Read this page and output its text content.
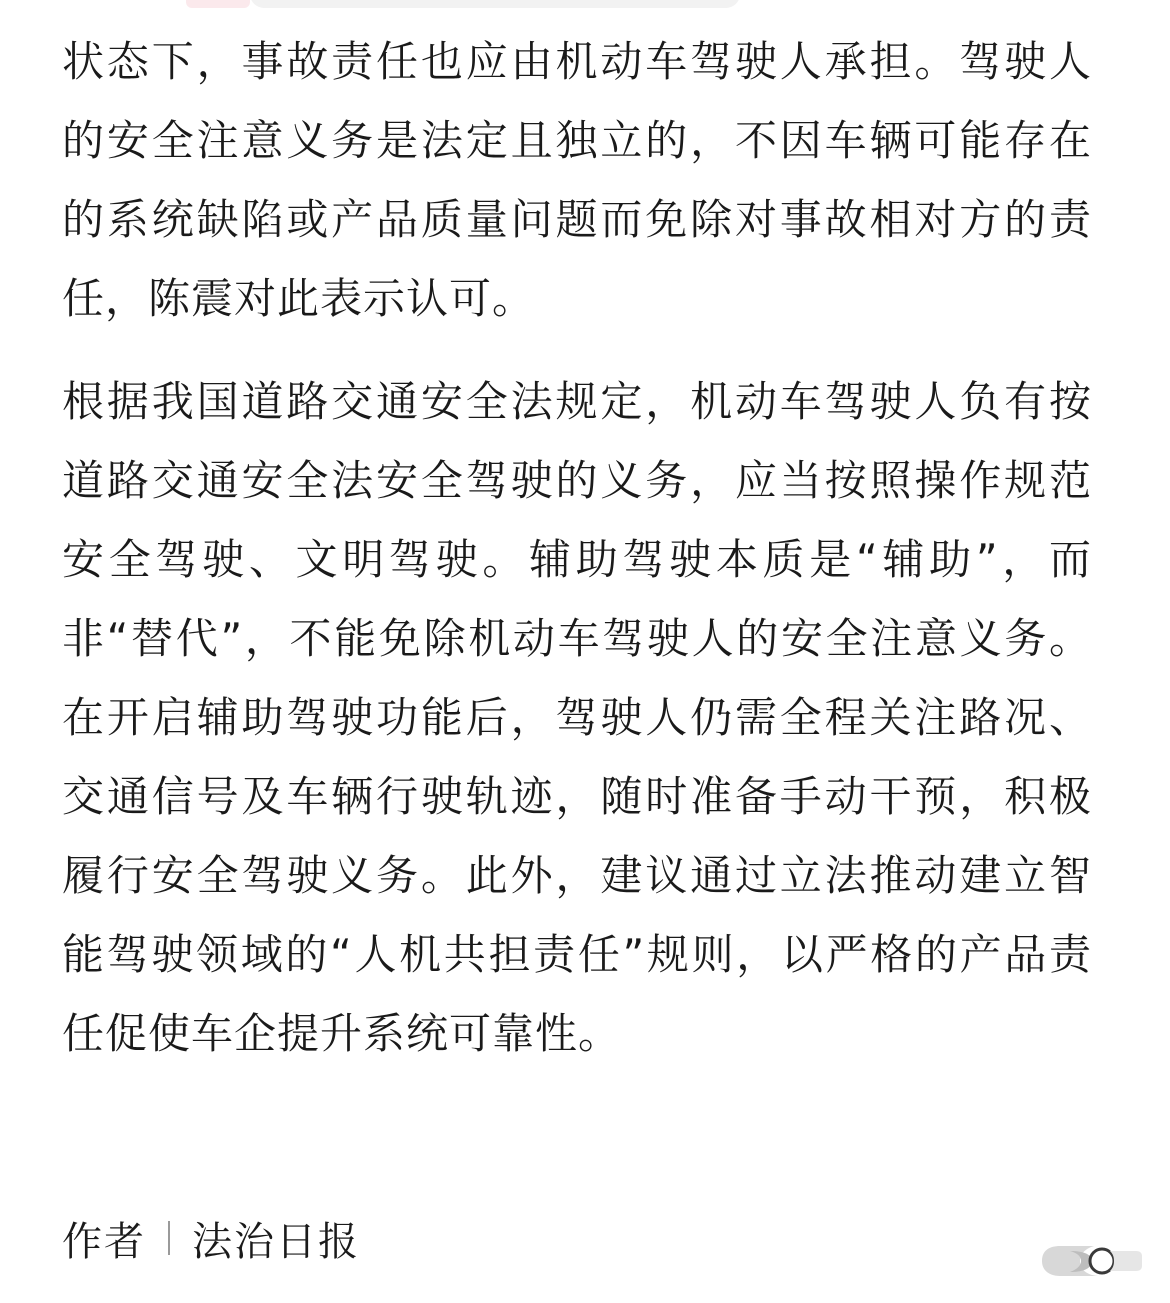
状态下，事故责任也应由机动车驾驶人承担。驾驶人的安全注意义务是法定且独立的，不因车辆可能存在的系统缺陷或产品质量问题而免除对事故相对方的责任，陈震对此表示认可。

根据我国道路交通安全法规定，机动车驾驶人负有按道路交通安全法安全驾驶的义务，应当按照操作规范安全驾驶、文明驾驶。辅助驾驶本质是“辅助”，而非“替代”，不能免除机动车驾驶人的安全注意义务。在开启辅助驾驶功能后，驾驶人仍需全程关注路况、交通信号及车辆行驶轨迹，随时准备手动干预，积极履行安全驾驶义务。此外，建议通过立法推动建立智能驾驶领域的“人机共担责任”规则，以严格的产品责任促使车企提升系统可靠性。

作者 法治日报
